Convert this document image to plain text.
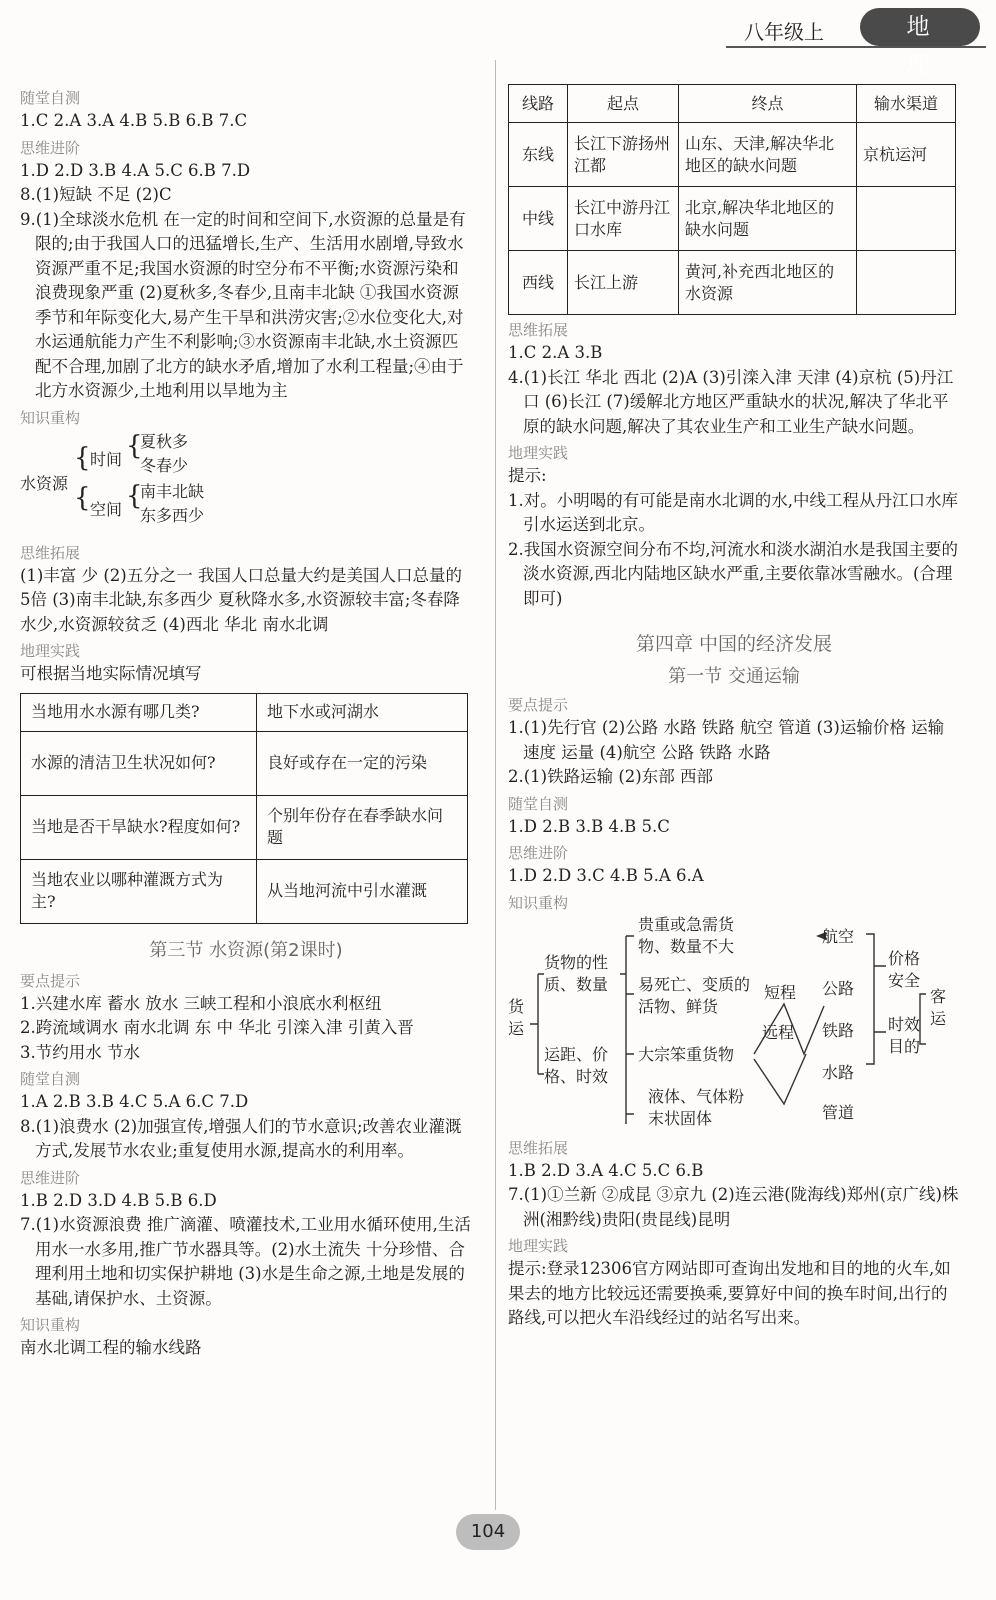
八年级上	地 理
随堂自测

1.C 2.A 3.A 4.B 5.B 6.B 7.C

思维进阶

1.D 2.D 3.B 4.A 5.C 6.B 7.D

8.(1)短缺 不足 (2)C

9.(1)全球淡水危机 在一定的时间和空间下,水资源的总量是有限的;由于我国人口的迅猛增长,生产、生活用水剧增,导致水资源严重不足;我国水资源的时空分布不平衡;水资源污染和浪费现象严重 (2)夏秋多,冬春少,且南丰北缺 ①我国水资源季节和年际变化大,易产生干旱和洪涝灾害;②水位变化大,对水运通航能力产生不利影响;③水资源南丰北缺,水土资源匹配不合理,加剧了北方的缺水矛盾,增加了水利工程量;④由于北方水资源少,土地利用以旱地为主

知识重构
水资源
{ 时间 {
夏秋多
冬春少
{ 空间 {
南丰北缺
东多西少
思维拓展

(1)丰富 少 (2)五分之一 我国人口总量大约是美国人口总量的5倍 (3)南丰北缺,东多西少 夏秋降水多,水资源较丰富;冬春降水少,水资源较贫乏 (4)西北 华北 南水北调

地理实践

可根据当地实际情况填写

当地用水水源有哪几类?	地下水或河湖水
水源的清洁卫生状况如何?	良好或存在一定的污染
当地是否干旱缺水?程度如何?	个别年份存在春季缺水问题
当地农业以哪种灌溉方式为主?	从当地河流中引水灌溉
第三节 水资源(第2课时)
要点提示

1.兴建水库 蓄水 放水 三峡工程和小浪底水利枢纽

2.跨流域调水 南水北调 东 中 华北 引滦入津 引黄入晋

3.节约用水 节水

随堂自测

1.A 2.B 3.B 4.C 5.A 6.C 7.D

8.(1)浪费水 (2)加强宣传,增强人们的节水意识;改善农业灌溉方式,发展节水农业;重复使用水源,提高水的利用率。

思维进阶

1.B 2.D 3.D 4.B 5.B 6.D

7.(1)水资源浪费 推广滴灌、喷灌技术,工业用水循环使用,生活用水一水多用,推广节水器具等。(2)水土流失 十分珍惜、合理利用土地和切实保护耕地 (3)水是生命之源,土地是发展的基础,请保护水、土资源。

知识重构

南水北调工程的输水线路

线路	起点	终点	输水渠道
东线	长江下游扬州江都	山东、天津,解决华北地区的缺水问题	京杭运河
中线	长江中游丹江口水库	北京,解决华北地区的缺水问题	
西线	长江上游	黄河,补充西北地区的水资源	
思维拓展

1.C 2.A 3.B

4.(1)长江 华北 西北 (2)A (3)引滦入津 天津 (4)京杭 (5)丹江口 (6)长江 (7)缓解北方地区严重缺水的状况,解决了华北平原的缺水问题,解决了其农业生产和工业生产缺水问题。

地理实践

提示:

1.对。小明喝的有可能是南水北调的水,中线工程从丹江口水库引水运送到北京。

2.我国水资源空间分布不均,河流水和淡水湖泊水是我国主要的淡水资源,西北内陆地区缺水严重,主要依靠冰雪融水。(合理即可)

第四章 中国的经济发展
第一节 交通运输
要点提示

1.(1)先行官 (2)公路 水路 铁路 航空 管道 (3)运输价格 运输速度 运量 (4)航空 公路 铁路 水路

2.(1)铁路运输 (2)东部 西部

随堂自测

1.D 2.B 3.B 4.B 5.C

思维进阶

1.D 2.D 3.C 4.B 5.A 6.A

知识重构
货运
货物的性质、数量
运距、价格、时效
贵重或急需货物、数量不大
易死亡、变质的活物、鲜货
大宗笨重货物
液体、气体粉末状固体
短程
远程
航空
公路
铁路
水路
管道
价格安全
时效目的
客运
思维拓展

1.B 2.D 3.A 4.C 5.C 6.B

7.(1)①兰新 ②成昆 ③京九 (2)连云港(陇海线)郑州(京广线)株洲(湘黔线)贵阳(贵昆线)昆明

地理实践

提示:登录12306官方网站即可查询出发地和目的地的火车,如果去的地方比较远还需要换乘,要算好中间的换车时间,出行的路线,可以把火车沿线经过的站名写出来。

104
